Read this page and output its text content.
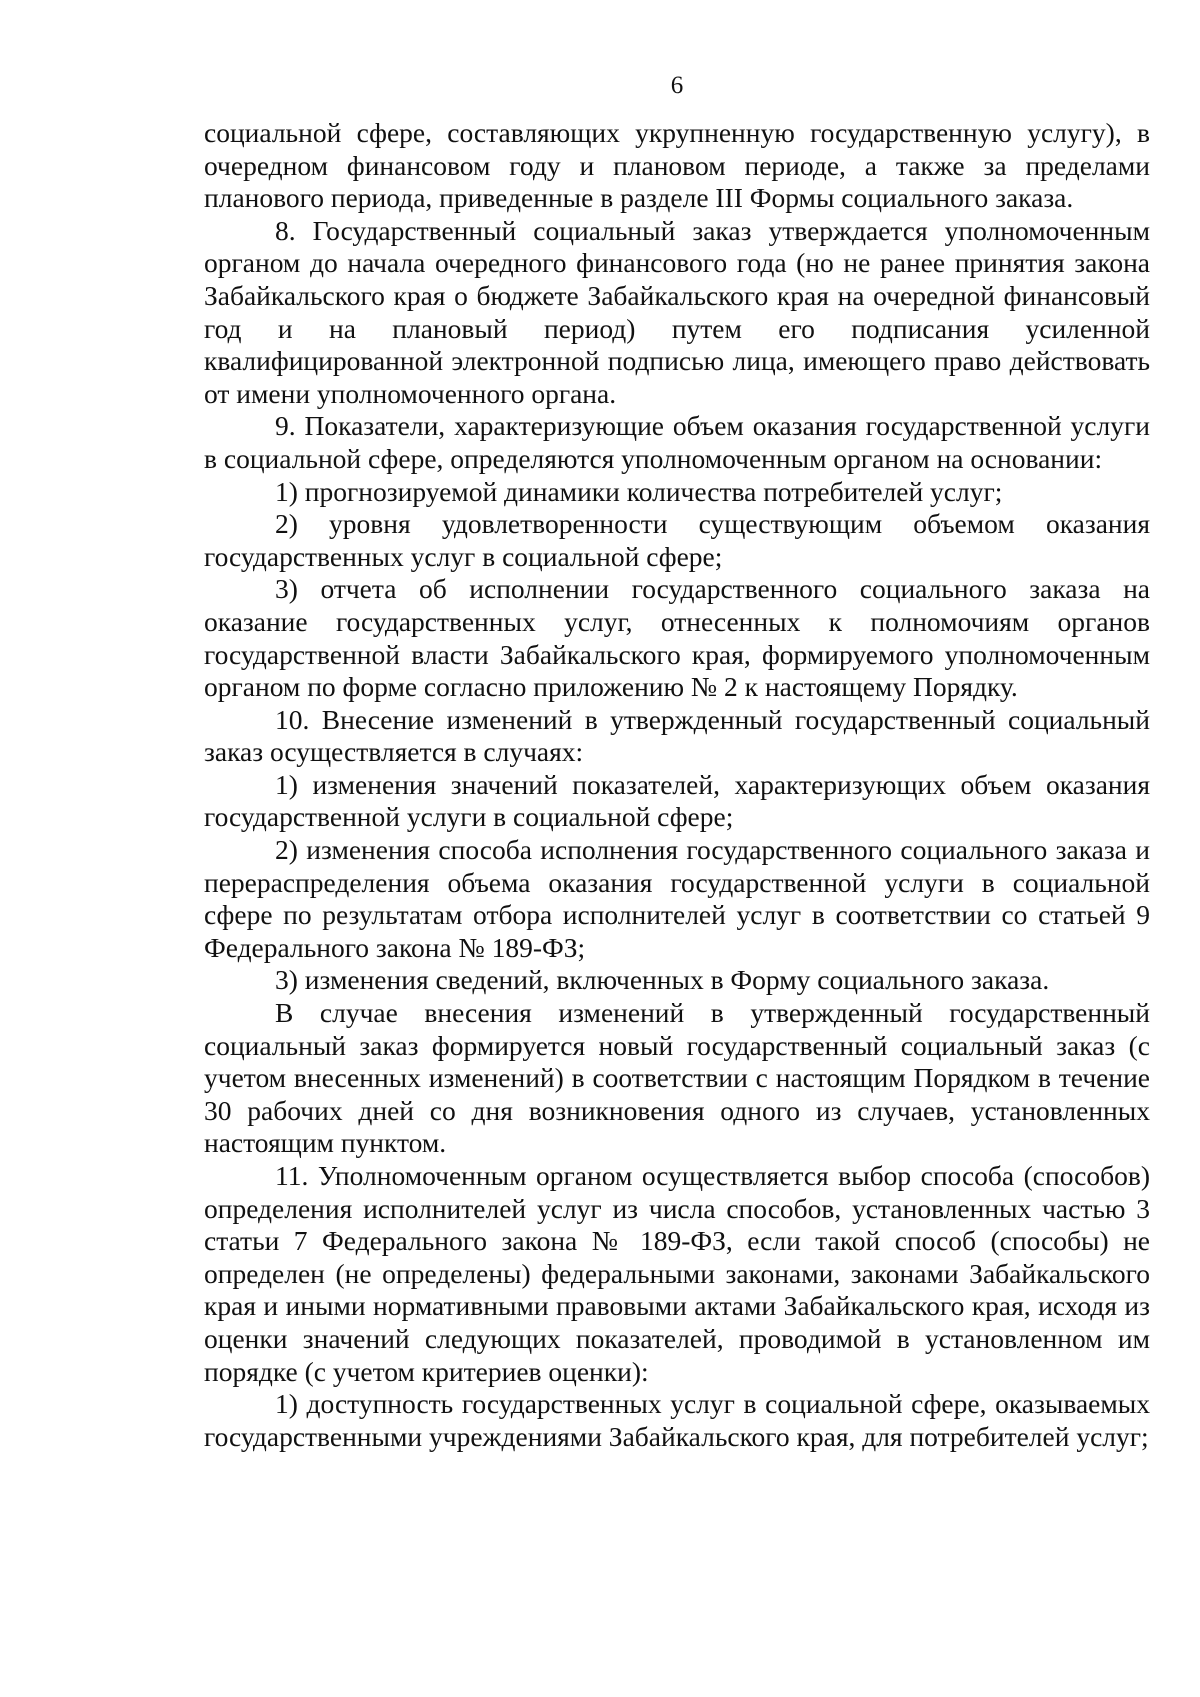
6

социальной сфере, составляющих укрупненную государственную услугу), в очередном финансовом году и плановом периоде, а также за пределами планового периода, приведенные в разделе III Формы социального заказа.

8. Государственный социальный заказ утверждается уполномоченным органом до начала очередного финансового года (но не ранее принятия закона Забайкальского края о бюджете Забайкальского края на очередной финансовый год и на плановый период) путем его подписания усиленной квалифицированной электронной подписью лица, имеющего право действовать от имени уполномоченного органа.

9. Показатели, характеризующие объем оказания государственной услуги в социальной сфере, определяются уполномоченным органом на основании:

1) прогнозируемой динамики количества потребителей услуг;

2) уровня удовлетворенности существующим объемом оказания государственных услуг в социальной сфере;

3) отчета об исполнении государственного социального заказа на оказание государственных услуг, отнесенных к полномочиям органов государственной власти Забайкальского края, формируемого уполномоченным органом по форме согласно приложению № 2 к настоящему Порядку.

10. Внесение изменений в утвержденный государственный социальный заказ осуществляется в случаях:

1) изменения значений показателей, характеризующих объем оказания государственной услуги в социальной сфере;

2) изменения способа исполнения государственного социального заказа и перераспределения объема оказания государственной услуги в социальной сфере по результатам отбора исполнителей услуг в соответствии со статьей 9 Федерального закона № 189-ФЗ;

3) изменения сведений, включенных в Форму социального заказа.

В случае внесения изменений в утвержденный государственный социальный заказ формируется новый государственный социальный заказ (с учетом внесенных изменений) в соответствии с настоящим Порядком в течение 30 рабочих дней со дня возникновения одного из случаев, установленных настоящим пунктом.

11. Уполномоченным органом осуществляется выбор способа (способов) определения исполнителей услуг из числа способов, установленных частью 3 статьи 7 Федерального закона № 189-ФЗ, если такой способ (способы) не определен (не определены) федеральными законами, законами Забайкальского края и иными нормативными правовыми актами Забайкальского края, исходя из оценки значений следующих показателей, проводимой в установленном им порядке (с учетом критериев оценки):

1) доступность государственных услуг в социальной сфере, оказываемых государственными учреждениями Забайкальского края, для потребителей услуг;
